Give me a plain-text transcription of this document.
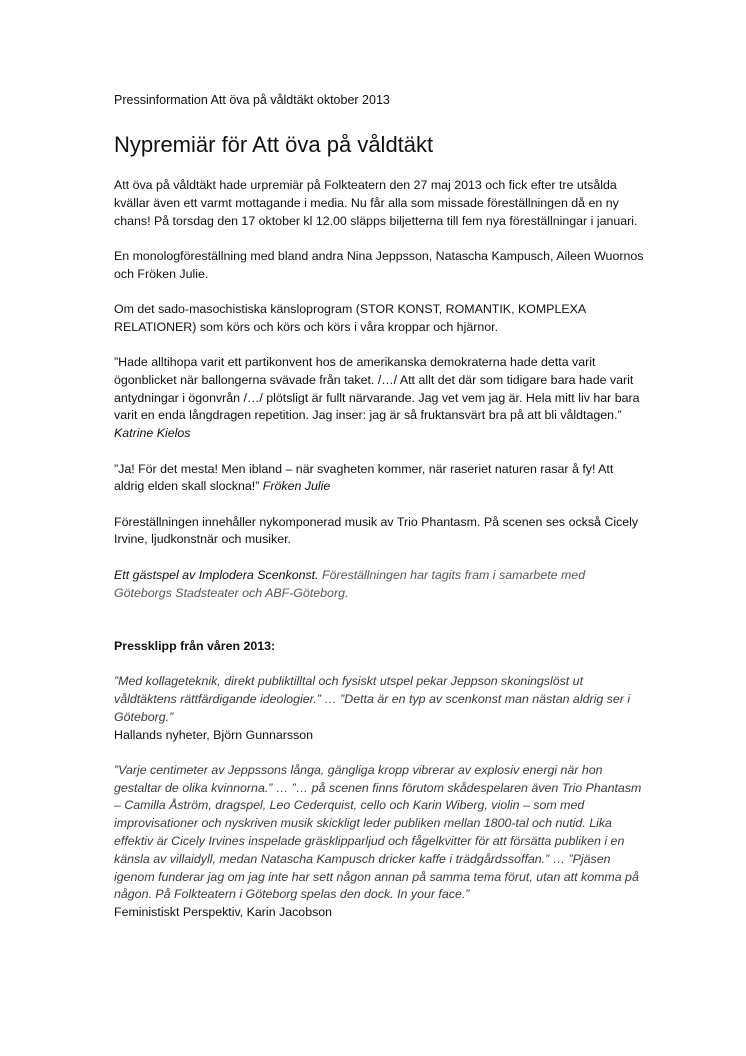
Pressinformation Att öva på våldtäkt oktober 2013
Nypremiär för Att öva på våldtäkt

Att öva på våldtäkt hade urpremiär på Folkteatern den 27 maj 2013 och fick efter tre utsålda kvällar även ett varmt mottagande i media. Nu får alla som missade föreställningen då en ny chans! På torsdag den 17 oktober kl 12.00 släpps biljetterna till fem nya föreställningar i januari.

En monologföreställning med bland andra Nina Jeppsson, Natascha Kampusch, Aileen Wuornos och Fröken Julie.

Om det sado-masochistiska känsloprogram (STOR KONST, ROMANTIK, KOMPLEXA RELATIONER) som körs och körs och körs i våra kroppar och hjärnor.

”Hade alltihopa varit ett partikonvent hos de amerikanska demokraterna hade detta varit ögonblicket när ballongerna svävade från taket. /…/ Att allt det där som tidigare bara hade varit antydningar i ögonvrån /…/ plötsligt är fullt närvarande. Jag vet vem jag är. Hela mitt liv har bara varit en enda långdragen repetition. Jag inser: jag är så fruktansvärt bra på att bli våldtagen.” Katrine Kielos

”Ja! För det mesta! Men ibland – när svagheten kommer, när raseriet naturen rasar å fy! Att aldrig elden skall slockna!” Fröken Julie

Föreställningen innehåller nykomponerad musik av Trio Phantasm. På scenen ses också Cicely Irvine, ljudkonstnär och musiker.

Ett gästspel av Implodera Scenkonst. Föreställningen har tagits fram i samarbete med Göteborgs Stadsteater och ABF-Göteborg.

Pressklipp från våren 2013:

”Med kollageteknik, direkt publiktilltal och fysiskt utspel pekar Jeppson skoningslöst ut våldtäktens rättfärdigande ideologier.” … ”Detta är en typ av scenkonst man nästan aldrig ser i Göteborg.”
Hallands nyheter, Björn Gunnarsson

”Varje centimeter av Jeppssons långa, gängliga kropp vibrerar av explosiv energi när hon gestaltar de olika kvinnorna.” … ”… på scenen finns förutom skådespelaren även Trio Phantasm – Camilla Åström, dragspel, Leo Cederquist, cello och Karin Wiberg, violin – som med improvisationer och nyskriven musik skickligt leder publiken mellan 1800-tal och nutid. Lika effektiv är Cicely Irvines inspelade gräsklipparljud och fågelkvitter för att försätta publiken i en känsla av villaidyll, medan Natascha Kampusch dricker kaffe i trädgårdssoffan.” … ”Pjäsen igenom funderar jag om jag inte har sett någon annan på samma tema förut, utan att komma på någon. På Folkteatern i Göteborg spelas den dock. In your face.”
Feministiskt Perspektiv, Karin Jacobson
